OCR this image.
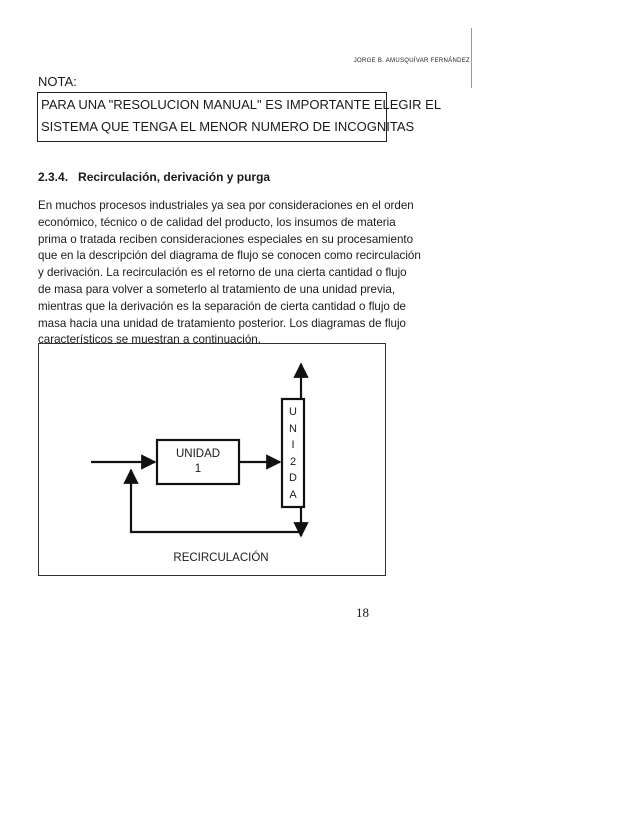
JORGE B. AMUSQUÍVAR FERNÁNDEZ
NOTA:
PARA UNA "RESOLUCION MANUAL" ES IMPORTANTE ELEGIR EL
SISTEMA QUE TENGA EL MENOR NUMERO DE INCOGNITAS
2.3.4. Recirculación, derivación y purga
En muchos procesos industriales ya sea por consideraciones en el orden
económico, técnico o de calidad del producto, los insumos de materia
prima o tratada reciben consideraciones especiales en su procesamiento
que en la descripción del diagrama de flujo se conocen como recirculación
y derivación. La recirculación es el retorno de una cierta cantidad o flujo
de masa para volver a someterlo al tratamiento de una unidad previa,
mientras que la derivación es la separación de cierta cantidad o flujo de
masa hacia una unidad de tratamiento posterior. Los diagramas de flujo
característicos se muestran a continuación.
UNIDAD
1
U
N
I
2
D
A
RECIRCULACIÓN
18
